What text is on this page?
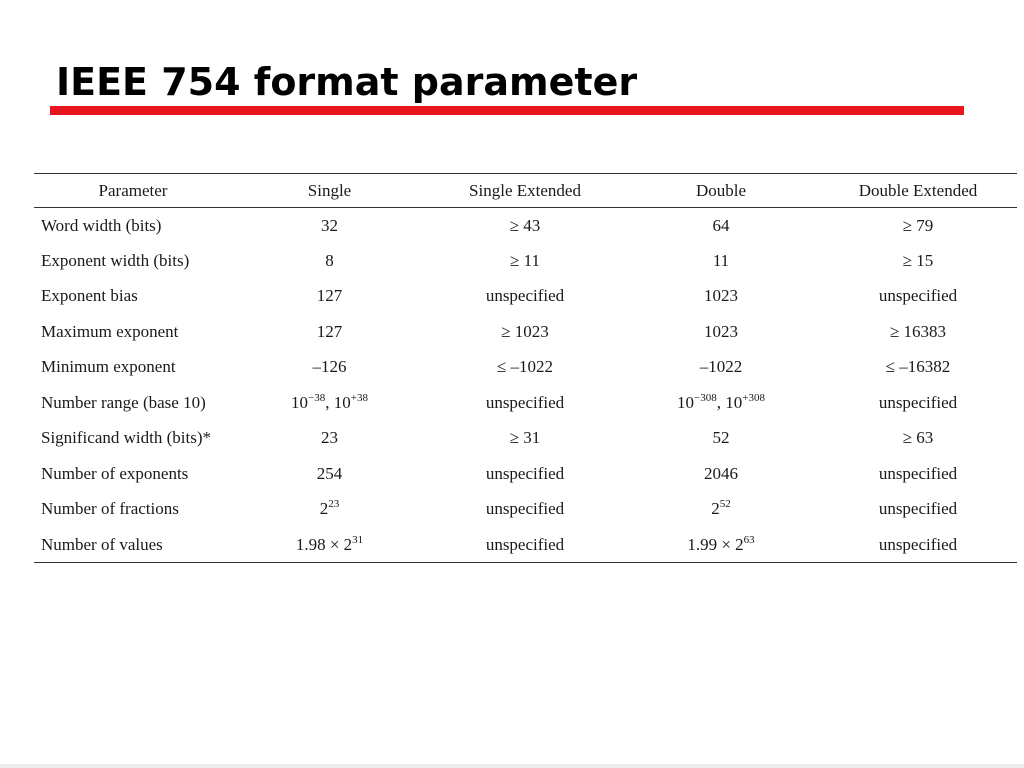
IEEE 754 format parameter
Parameter	Single	Single Extended	Double	Double Extended
Word width (bits)	32	≥ 43	64	≥ 79
Exponent width (bits)	8	≥ 11	11	≥ 15
Exponent bias	127	unspecified	1023	unspecified
Maximum exponent	127	≥ 1023	1023	≥ 16383
Minimum exponent	–126	≤ –1022	–1022	≤ –16382
Number range (base 10)	$10^{-38}$, $10^{+38}$	unspecified	$10^{-308}$, $10^{+308}$	unspecified
Significand width (bits)*	23	≥ 31	52	≥ 63
Number of exponents	254	unspecified	2046	unspecified
Number of fractions	$2^{23}$	unspecified	$2^{52}$	unspecified
Number of values	$1.98 \times 2^{31}$	unspecified	$1.99 \times 2^{63}$	unspecified
